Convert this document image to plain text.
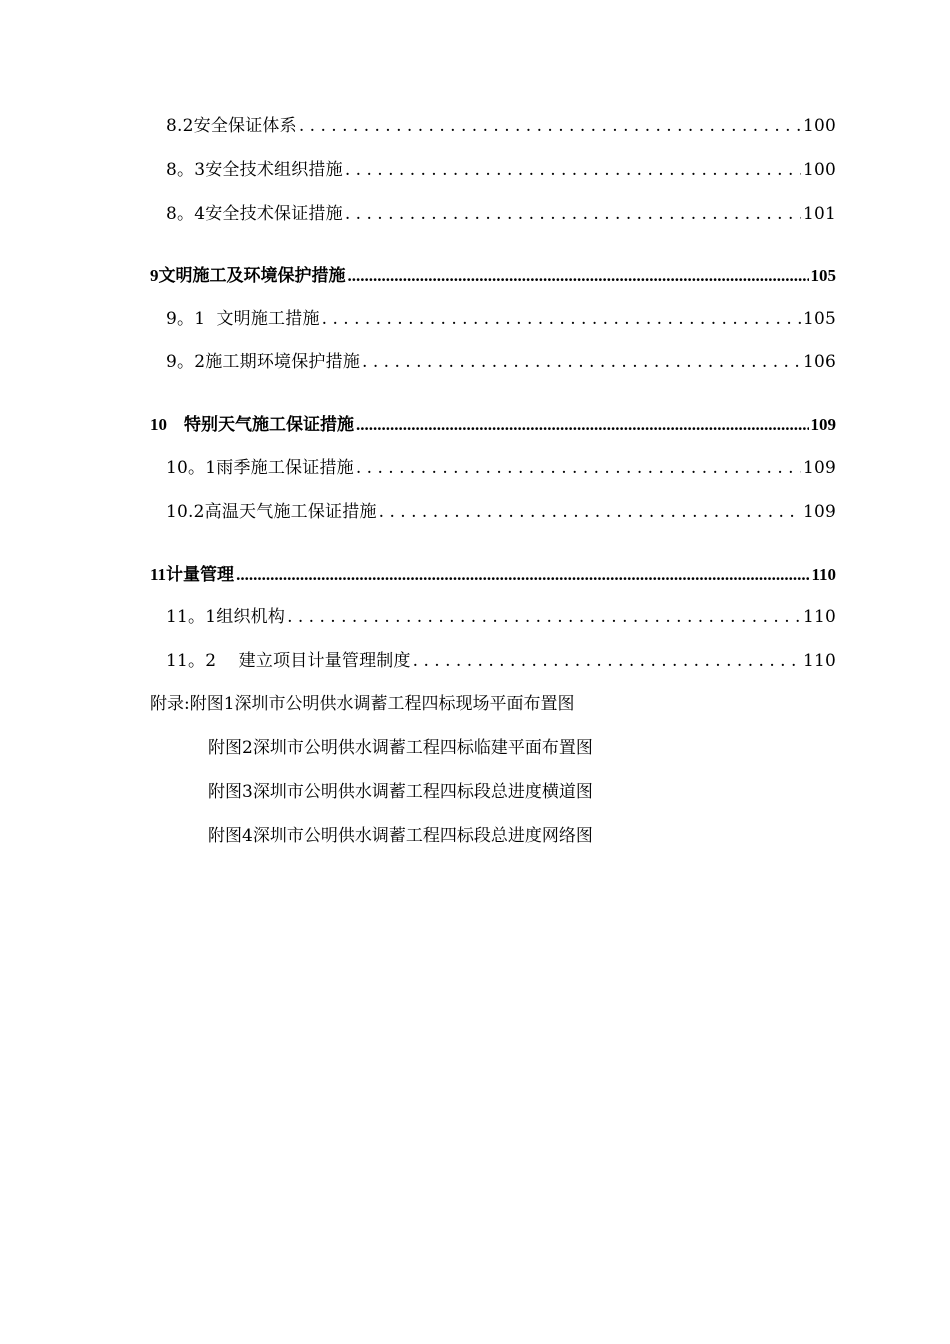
8.2安全保证体系 . . .	100
8。3安全技术组织措施 . . .	100
8。4安全技术保证措施 . . .	101
9文明施工及环境保护措施 .....	105
9。1  文明施工措施 . . .	105
9。2施工期环境保护措施 . . .	106
10    特别天气施工保证措施 .....	109
10。1雨季施工保证措施 . . .	109
10.2高温天气施工保证措施 . . .	109
11计量管理 .....	110
11。1组织机构 . . .	110
11。2    建立项目计量管理制度 . . .	110
附录:附图1深圳市公明供水调蓄工程四标现场平面布置图
附图2深圳市公明供水调蓄工程四标临建平面布置图
附图3深圳市公明供水调蓄工程四标段总进度横道图
附图4深圳市公明供水调蓄工程四标段总进度网络图
